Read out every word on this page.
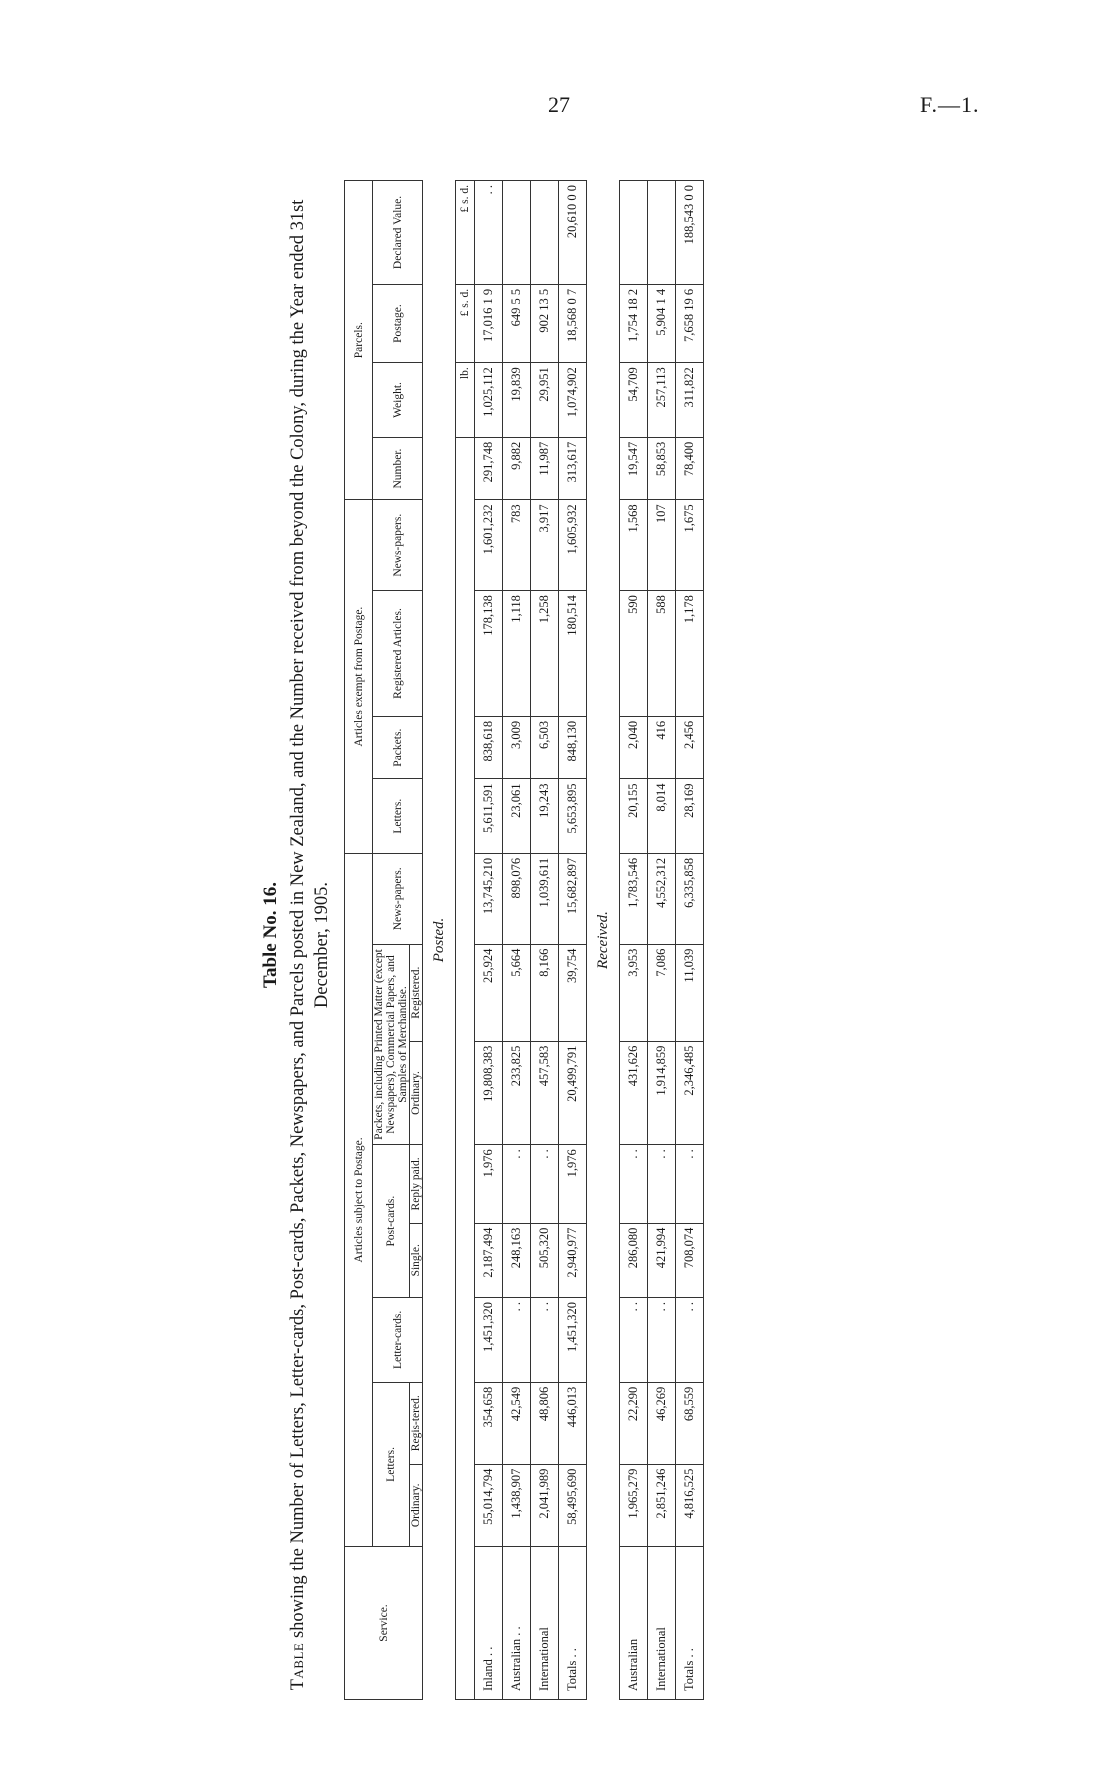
27	F.—1.
Table No. 16.
Table showing the Number of Letters, Letter-cards, Post-cards, Packets, Newspapers, and Parcels posted in New Zealand, and the Number received from beyond the Colony, during the Year ended 31st December, 1905.
Service.	Articles subject to Postage.								Articles exempt from Postage.				Parcels.			
	Letters.		Letter-cards.	Post-cards.		Packets, including Printed Matter (except Newspapers), Commercial Papers, and Samples of Merchandise.		News-papers.	Letters.	Packets.	Registered Articles.	News-papers.	Number.	Weight.	Postage.	Declared Value.
	Ordinary.	Regis-tered.		Single.	Reply paid.	Ordinary.	Registered.									
Posted.																
														lb.	£ s. d.	£ s. d.
Inland . .	55,014,794	354,658	1,451,320	2,187,494	1,976	19,808,383	25,924	13,745,210	5,611,591	838,618	178,138	1,601,232	291,748	1,025,112	17,016 1 9	. .
Australian . .	1,438,907	42,549	. .	248,163	. .	233,825	5,664	898,076	23,061	3,009	1,118	783	9,882	19,839	649 5 5	
International	2,041,989	48,806	. .	505,320	. .	457,583	8,166	1,039,611	19,243	6,503	1,258	3,917	11,987	29,951	902 13 5	
Totals . .	58,495,690	446,013	1,451,320	2,940,977	1,976	20,499,791	39,754	15,682,897	5,653,895	848,130	180,514	1,605,932	313,617	1,074,902	18,568 0 7	20,610 0 0
Received.																
Australian	1,965,279	22,290	. .	286,080	. .	431,626	3,953	1,783,546	20,155	2,040	590	1,568	19,547	54,709	1,754 18 2	
International	2,851,246	46,269	. .	421,994	. .	1,914,859	7,086	4,552,312	8,014	416	588	107	58,853	257,113	5,904 1 4	
Totals . .	4,816,525	68,559	. .	708,074	. .	2,346,485	11,039	6,335,858	28,169	2,456	1,178	1,675	78,400	311,822	7,658 19 6	188,543 0 0
